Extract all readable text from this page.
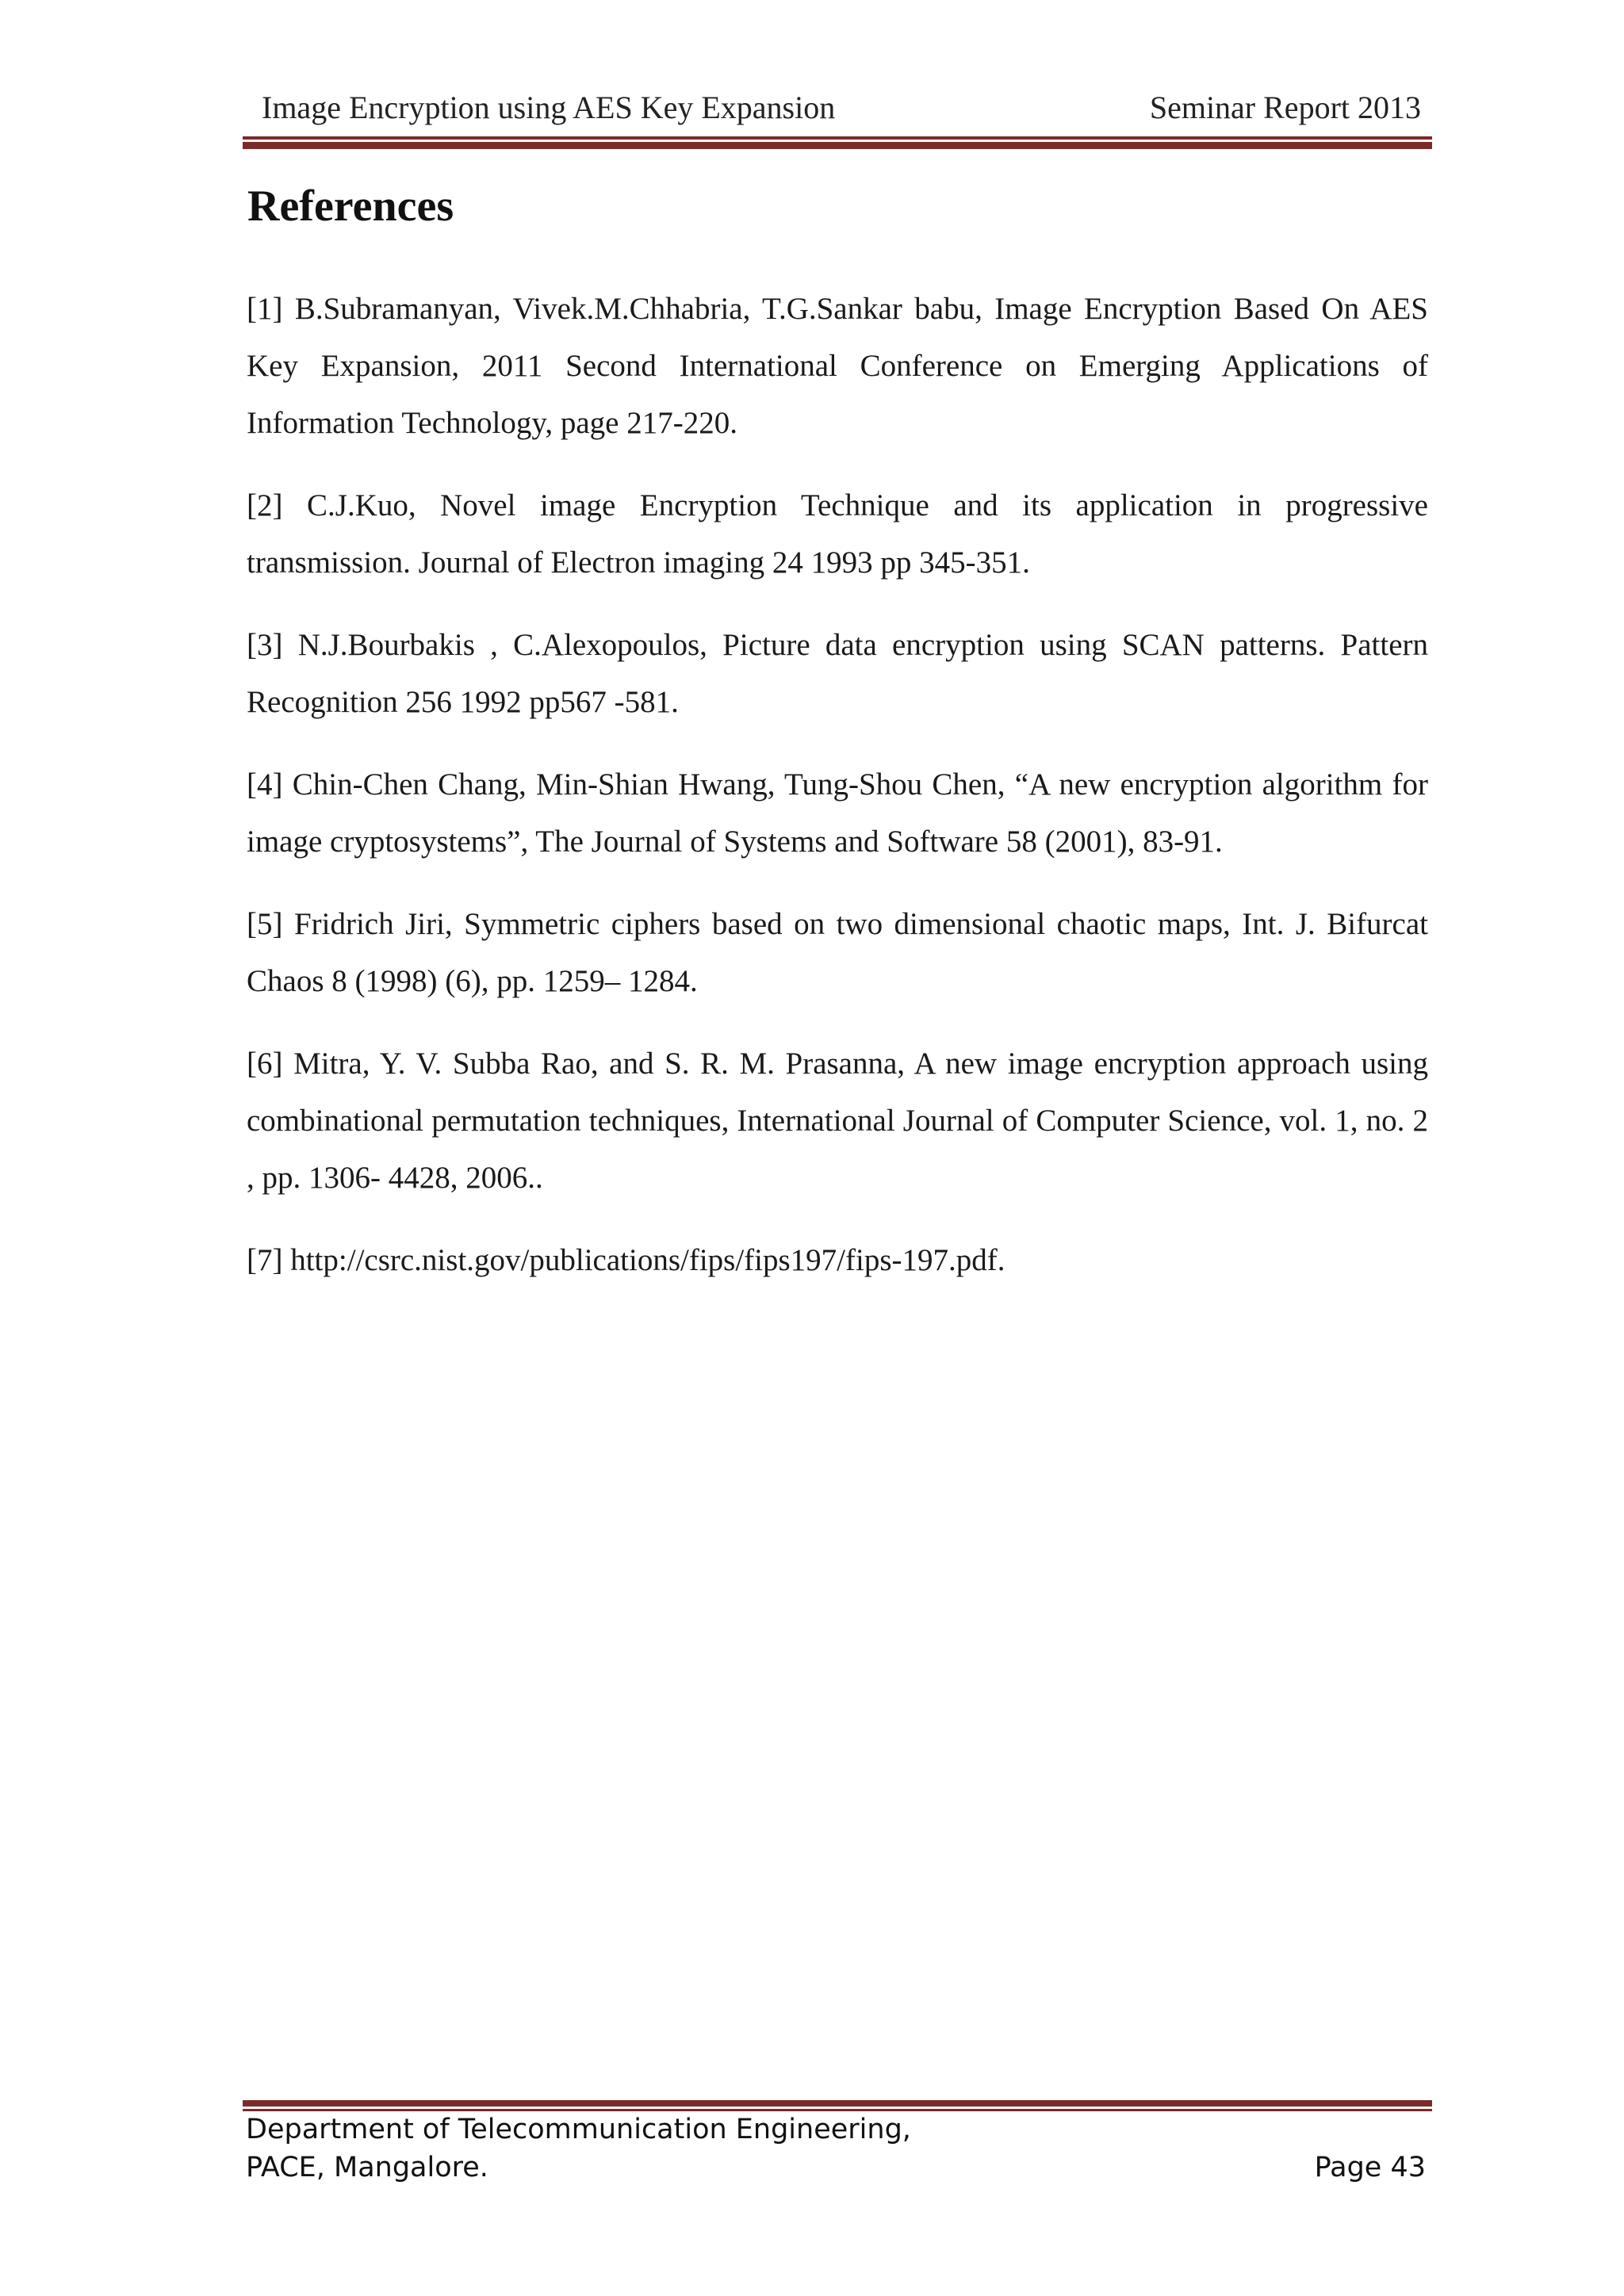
Image Encryption using AES Key Expansion	Seminar Report 2013
References

[1] B.Subramanyan, Vivek.M.Chhabria, T.G.Sankar babu, Image Encryption Based On AES Key Expansion, 2011 Second International Conference on Emerging Applications of Information Technology, page 217-220.

[2] C.J.Kuo, Novel image Encryption Technique and its application in progressive transmission. Journal of Electron imaging 24 1993 pp 345-351.

[3] N.J.Bourbakis , C.Alexopoulos, Picture data encryption using SCAN patterns. Pattern Recognition 256 1992 pp567 -581.

[4] Chin-Chen Chang, Min-Shian Hwang, Tung-Shou Chen, “A new encryption algorithm for image cryptosystems”, The Journal of Systems and Software 58 (2001), 83-91.

[5] Fridrich Jiri, Symmetric ciphers based on two dimensional chaotic maps, Int. J. Bifurcat Chaos 8 (1998) (6), pp. 1259– 1284.

[6] Mitra, Y. V. Subba Rao, and S. R. M. Prasanna, A new image encryption approach using combinational permutation techniques, International Journal of Computer Science, vol. 1, no. 2 , pp. 1306- 4428, 2006..

[7] http://csrc.nist.gov/publications/fips/fips197/fips-197.pdf.

Department of Telecommunication Engineering,
PACE, Mangalore.	Page 43
